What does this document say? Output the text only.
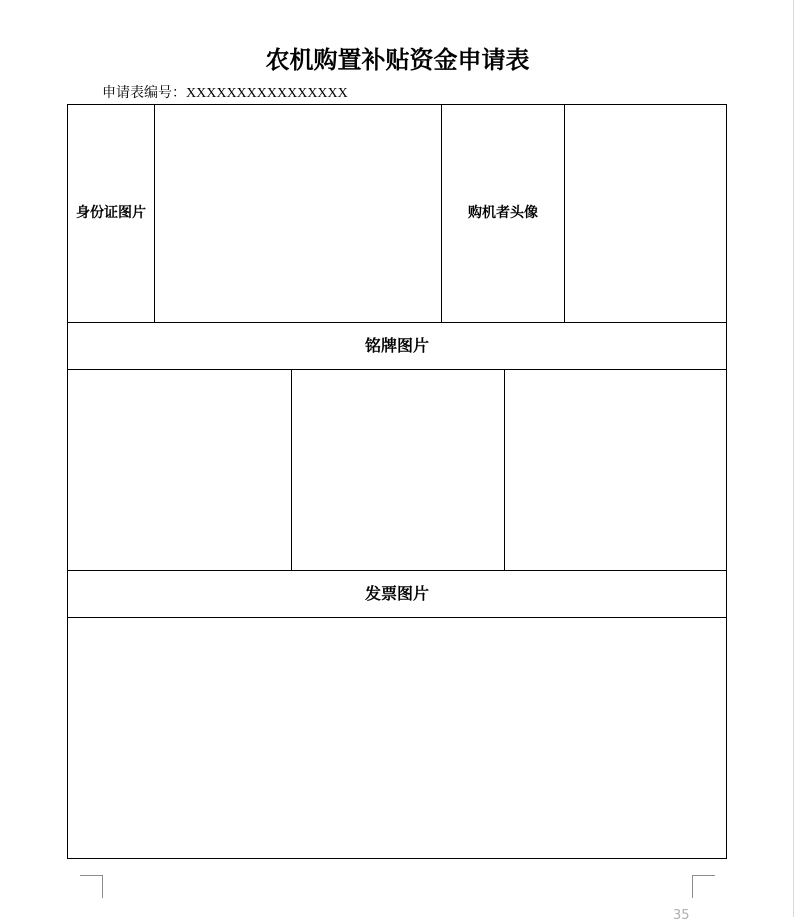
农机购置补贴资金申请表
申请表编号：XXXXXXXXXXXXXXXX
身份证图片	购机者头像
铭牌图片
发票图片
35
